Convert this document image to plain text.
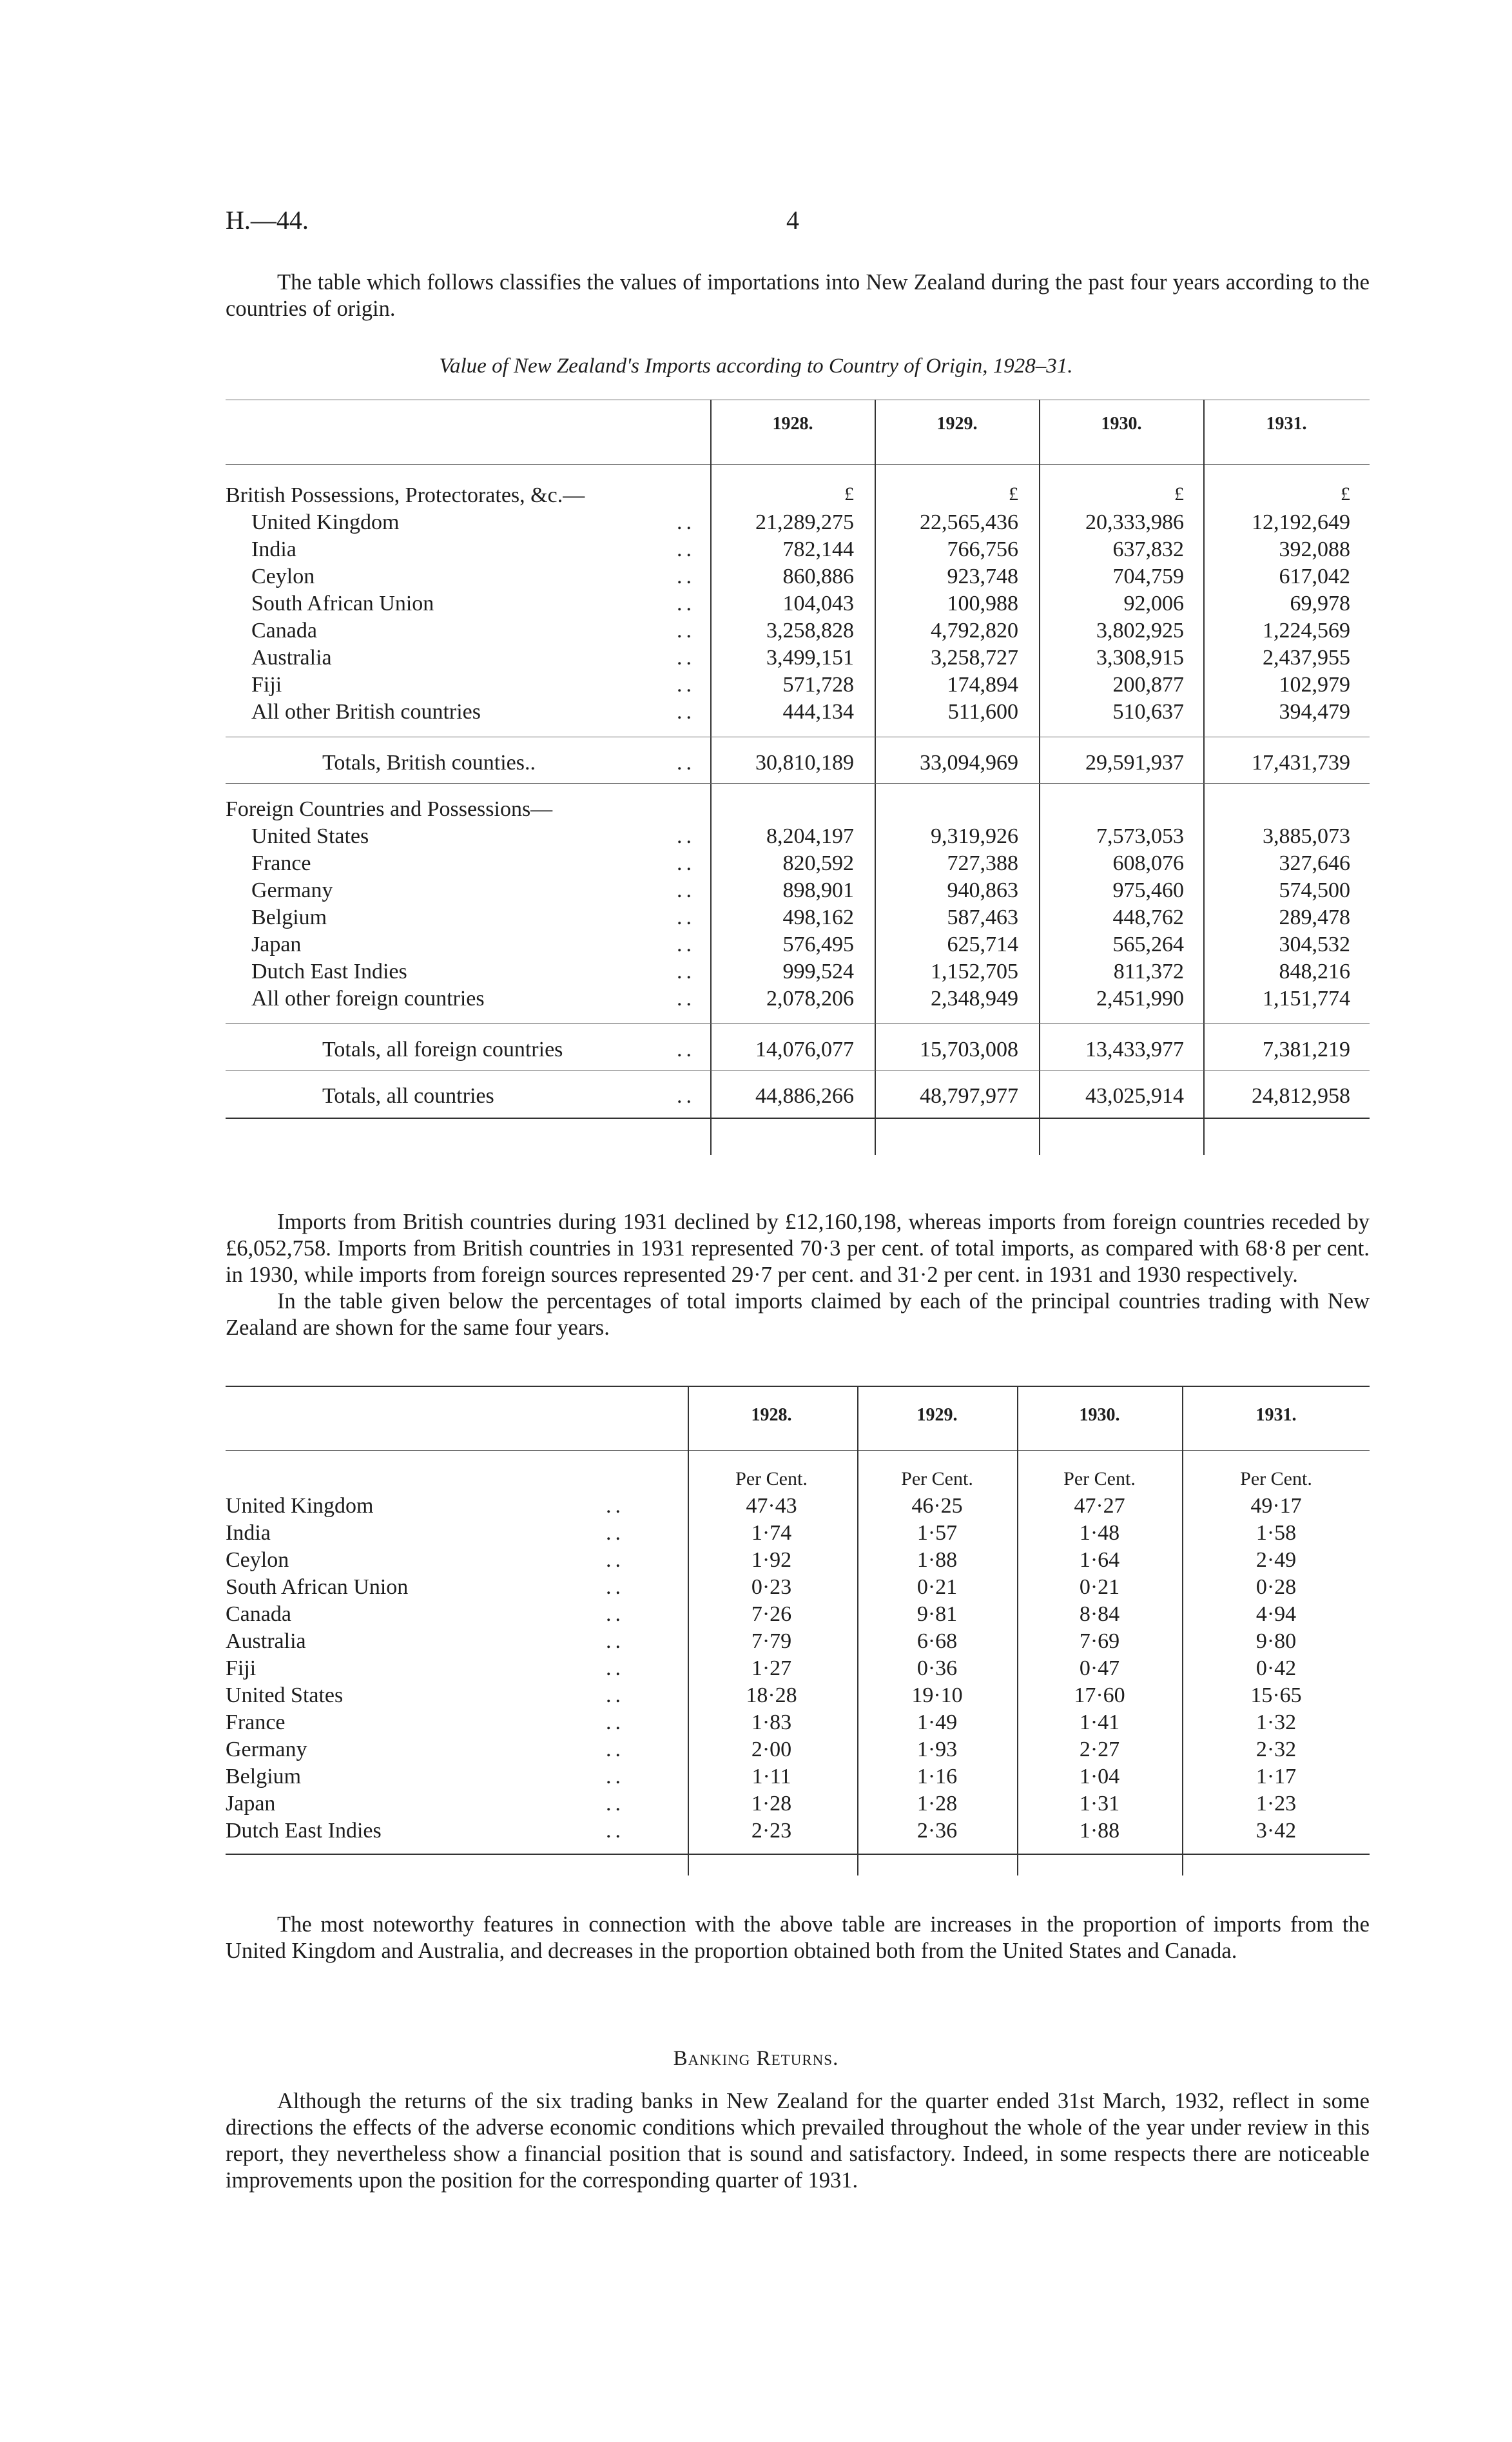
H.—44.	4

The table which follows classifies the values of importations into New Zealand during the past four years according to the countries of origin.

Value of New Zealand's Imports according to Country of Origin, 1928–31.
1928.	1929.	1930.	1931.
£	£	£	£
British Possessions, Protectorates, &c.—
United Kingdom	..	21,289,275	22,565,436	20,333,986	12,192,649
India	..	782,144	766,756	637,832	392,088
Ceylon	..	860,886	923,748	704,759	617,042
South African Union	..	104,043	100,988	92,006	69,978
Canada	..	3,258,828	4,792,820	3,802,925	1,224,569
Australia	..	3,499,151	3,258,727	3,308,915	2,437,955
Fiji	..	571,728	174,894	200,877	102,979
All other British countries	..	444,134	511,600	510,637	394,479
Totals, British counties..	..	30,810,189	33,094,969	29,591,937	17,431,739
Foreign Countries and Possessions—
United States	..	8,204,197	9,319,926	7,573,053	3,885,073
France	..	820,592	727,388	608,076	327,646
Germany	..	898,901	940,863	975,460	574,500
Belgium	..	498,162	587,463	448,762	289,478
Japan	..	576,495	625,714	565,264	304,532
Dutch East Indies	..	999,524	1,152,705	811,372	848,216
All other foreign countries	..	2,078,206	2,348,949	2,451,990	1,151,774
Totals, all foreign countries	..	14,076,077	15,703,008	13,433,977	7,381,219
Totals, all countries	..	44,886,266	48,797,977	43,025,914	24,812,958

Imports from British countries during 1931 declined by £12,160,198, whereas imports from foreign countries receded by £6,052,758. Imports from British countries in 1931 represented 70·3 per cent. of total imports, as compared with 68·8 per cent. in 1930, while imports from foreign sources represented 29·7 per cent. and 31·2 per cent. in 1931 and 1930 respectively.

In the table given below the percentages of total imports claimed by each of the principal countries trading with New Zealand are shown for the same four years.

1928.	1929.	1930.	1931.
Per Cent.	Per Cent.	Per Cent.	Per Cent.
United Kingdom	..	47·43	46·25	47·27	49·17
India	..	1·74	1·57	1·48	1·58
Ceylon	..	1·92	1·88	1·64	2·49
South African Union	..	0·23	0·21	0·21	0·28
Canada	..	7·26	9·81	8·84	4·94
Australia	..	7·79	6·68	7·69	9·80
Fiji	..	1·27	0·36	0·47	0·42
United States	..	18·28	19·10	17·60	15·65
France	..	1·83	1·49	1·41	1·32
Germany	..	2·00	1·93	2·27	2·32
Belgium	..	1·11	1·16	1·04	1·17
Japan	..	1·28	1·28	1·31	1·23
Dutch East Indies	..	2·23	2·36	1·88	3·42

The most noteworthy features in connection with the above table are increases in the proportion of imports from the United Kingdom and Australia, and decreases in the proportion obtained both from the United States and Canada.

Banking Returns.

Although the returns of the six trading banks in New Zealand for the quarter ended 31st March, 1932, reflect in some directions the effects of the adverse economic conditions which prevailed throughout the whole of the year under review in this report, they nevertheless show a financial position that is sound and satisfactory. Indeed, in some respects there are noticeable improvements upon the position for the corresponding quarter of 1931.
